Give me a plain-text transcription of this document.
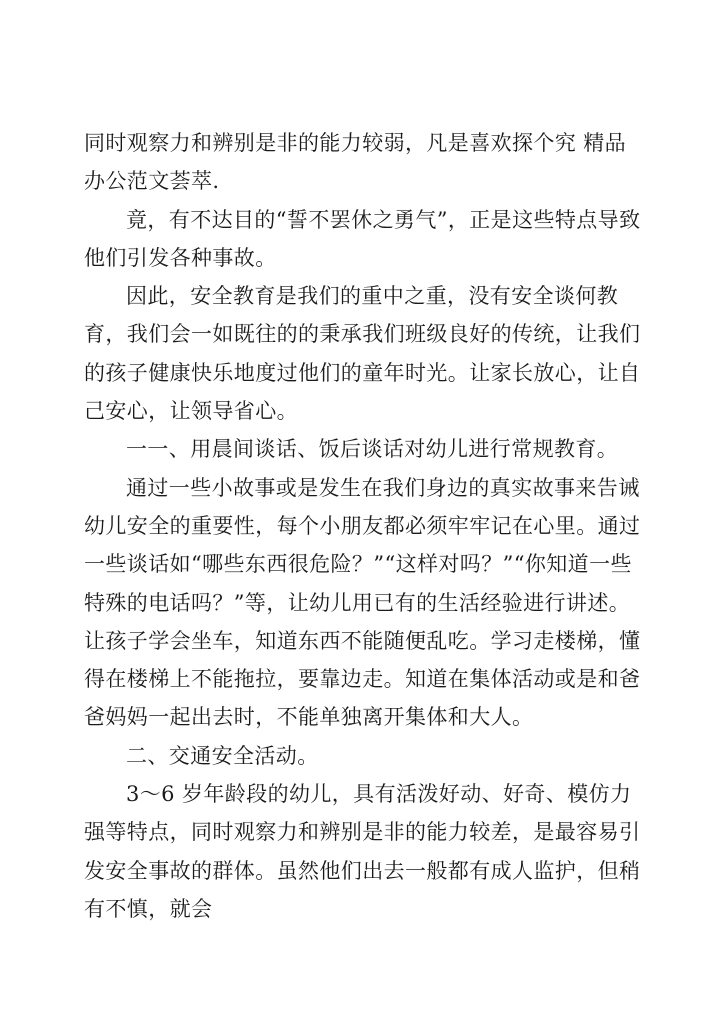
同时观察力和辨别是非的能力较弱，凡是喜欢探个究 精品办公范文荟萃.

竟，有不达目的“誓不罢休之勇气”，正是这些特点导致他们引发各种事故。

因此，安全教育是我们的重中之重，没有安全谈何教育，我们会一如既往的的秉承我们班级良好的传统，让我们的孩子健康快乐地度过他们的童年时光。让家长放心，让自己安心，让领导省心。

一一、用晨间谈话、饭后谈话对幼儿进行常规教育。

通过一些小故事或是发生在我们身边的真实故事来告诫幼儿安全的重要性，每个小朋友都必须牢牢记在心里。通过一些谈话如“哪些东西很危险？”“这样对吗？”“你知道一些特殊的电话吗？”等，让幼儿用已有的生活经验进行讲述。让孩子学会坐车，知道东西不能随便乱吃。学习走楼梯，懂得在楼梯上不能拖拉，要靠边走。知道在集体活动或是和爸爸妈妈一起出去时，不能单独离开集体和大人。

二、交通安全活动。

3～6 岁年龄段的幼儿，具有活泼好动、好奇、模仿力强等特点，同时观察力和辨别是非的能力较差，是最容易引发安全事故的群体。虽然他们出去一般都有成人监护，但稍有不慎，就会
